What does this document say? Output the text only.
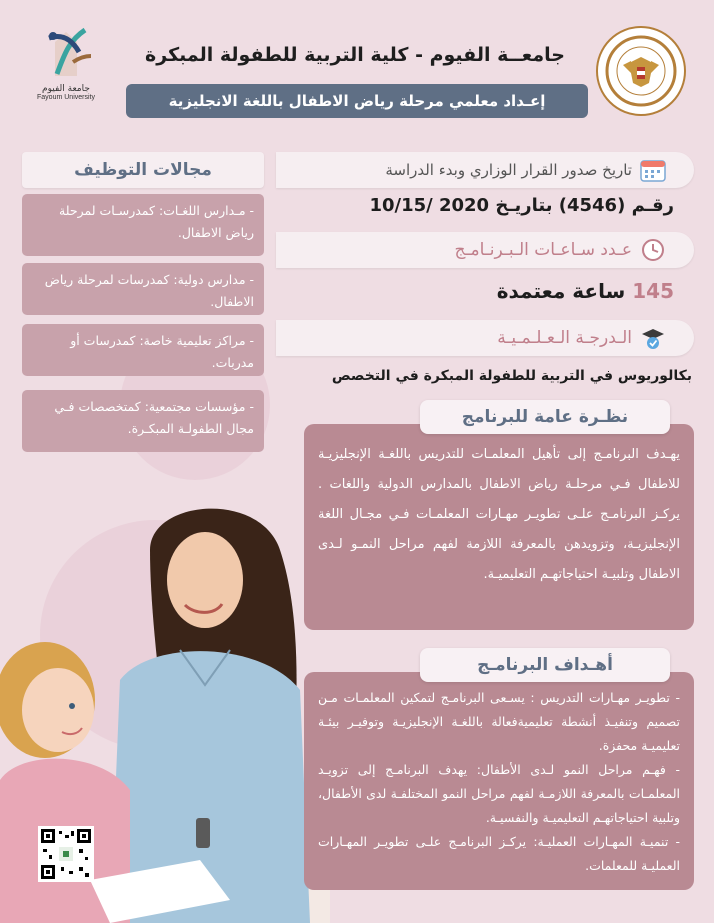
جامعة الفيوم
Fayoum University
جامعــة الفيوم - كلية التربية للطفولة المبكرة
إعـداد معلمي مرحلة رياض الاطفال باللغة الانجليزية
تاريخ صدور القرار الوزاري وبدء الدراسة
رقـم (4546) بتاريـخ 2020 /10/15
عـدد سـاعـات الـبـرنـامـج
145 ساعة معتمدة
الـدرجـة الـعـلـمـيـة
بكالوريوس في التربية للطفولة المبكرة في التخصص
مجالات التوظيف
- مـدارس اللغـات: كمدرسـات لمرحلة رياض الاطفال.
- مدارس دولية: كمدرسات لمرحلة رياض الاطفال.
- مراكز تعليمية خاصة: كمدرسات أو مدربات.
- مؤسسات مجتمعية: كمتخصصات فـي مجال الطفولـة المبكـرة.
نظـرة عامة للبرنامج
يهـدف البرنامـج إلى تأهيل المعلمـات للتدريس باللغـة الإنجليزيـة للاطفال فـي مرحلـة رياض الاطفال بالمدارس الدولية واللغات . يركـز البرنامـج علـى تطويـر مهـارات المعلمـات فـي مجـال اللغة الإنجليزيـة، وتزويدهن بالمعرفة اللازمة لفهم مراحل النمـو لـدى الاطفال وتلبيـة احتياجاتهـم التعليميـة.
أهـداف البرنامـج
- تطويـر مهـارات التدريس : يسـعى البرنامـج لتمكين المعلمـات مـن تصميم وتنفيـذ أنشطة تعليميةفعالة باللغـة الإنجليزيـة وتوفيـر بيئـة تعليميـة محفزة.
- فهـم مراحل النمو لـدى الأطفال: يهدف البرنامـج إلى تزويـد المعلمـات بالمعرفة اللازمـة لفهم مراحل النمو المختلفـة لدى الأطفال، وتلبية احتياجاتهـم التعليميـة والنفسيـة.
- تنميـة المهـارات العمليـة: يركـز البرنامـج علـى تطويـر المهـارات العمليـة للمعلمات.
